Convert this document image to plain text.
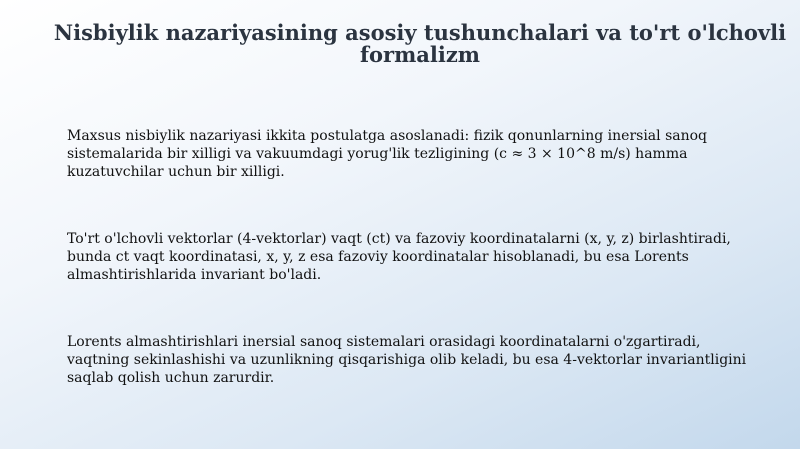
Nisbiylik nazariyasining asosiy tushunchalari va to'rt o'lchovli formalizm
Maxsus nisbiylik nazariyasi ikkita postulatga asoslanadi: fizik qonunlarning inersial sanoq sistemalarida bir xilligi va vakuumdagi yorug'lik tezligining (c ≈ 3 × 10^8 m/s) hamma kuzatuvchilar uchun bir xilligi.
To'rt o'lchovli vektorlar (4-vektorlar) vaqt (ct) va fazoviy koordinatalarni (x, y, z) birlashtiradi, bunda ct vaqt koordinatasi, x, y, z esa fazoviy koordinatalar hisoblanadi, bu esa Lorents almashtirishlarida invariant bo'ladi.
Lorents almashtirishlari inersial sanoq sistemalari orasidagi koordinatalarni o'zgartiradi, vaqtning sekinlashishi va uzunlikning qisqarishiga olib keladi, bu esa 4-vektorlar invariantligini saqlab qolish uchun zarurdir.
